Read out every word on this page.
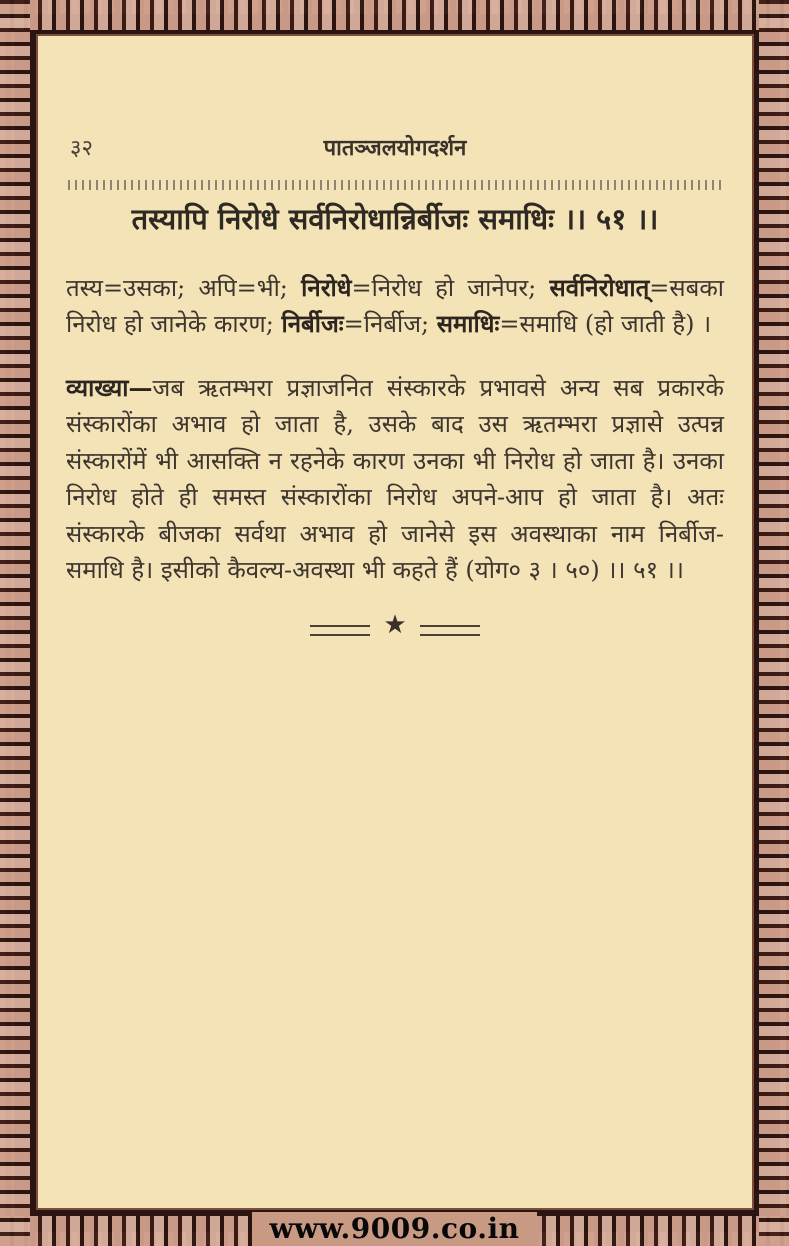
३२	पातञ्जलयोगदर्शन
तस्यापि निरोधे सर्वनिरोधान्निर्बीजः समाधिः ।। ५१ ।।
तस्य=उसका; अपि=भी; निरोधे=निरोध हो जानेपर; सर्वनिरोधात्=सबका निरोध हो जानेके कारण; निर्बीजः=निर्बीज; समाधिः=समाधि (हो जाती है) ।
व्याख्या—जब ऋतम्भरा प्रज्ञाजनित संस्कारके प्रभावसे अन्य सब प्रकारके संस्कारोंका अभाव हो जाता है, उसके बाद उस ऋतम्भरा प्रज्ञासे उत्पन्न संस्कारोंमें भी आसक्ति न रहनेके कारण उनका भी निरोध हो जाता है। उनका निरोध होते ही समस्त संस्कारोंका निरोध अपने-आप हो जाता है। अतः संस्कारके बीजका सर्वथा अभाव हो जानेसे इस अवस्थाका नाम निर्बीज-समाधि है। इसीको कैवल्य-अवस्था भी कहते हैं (योग० ३ । ५०) ।। ५१ ।।
★
www.9009.co.in
